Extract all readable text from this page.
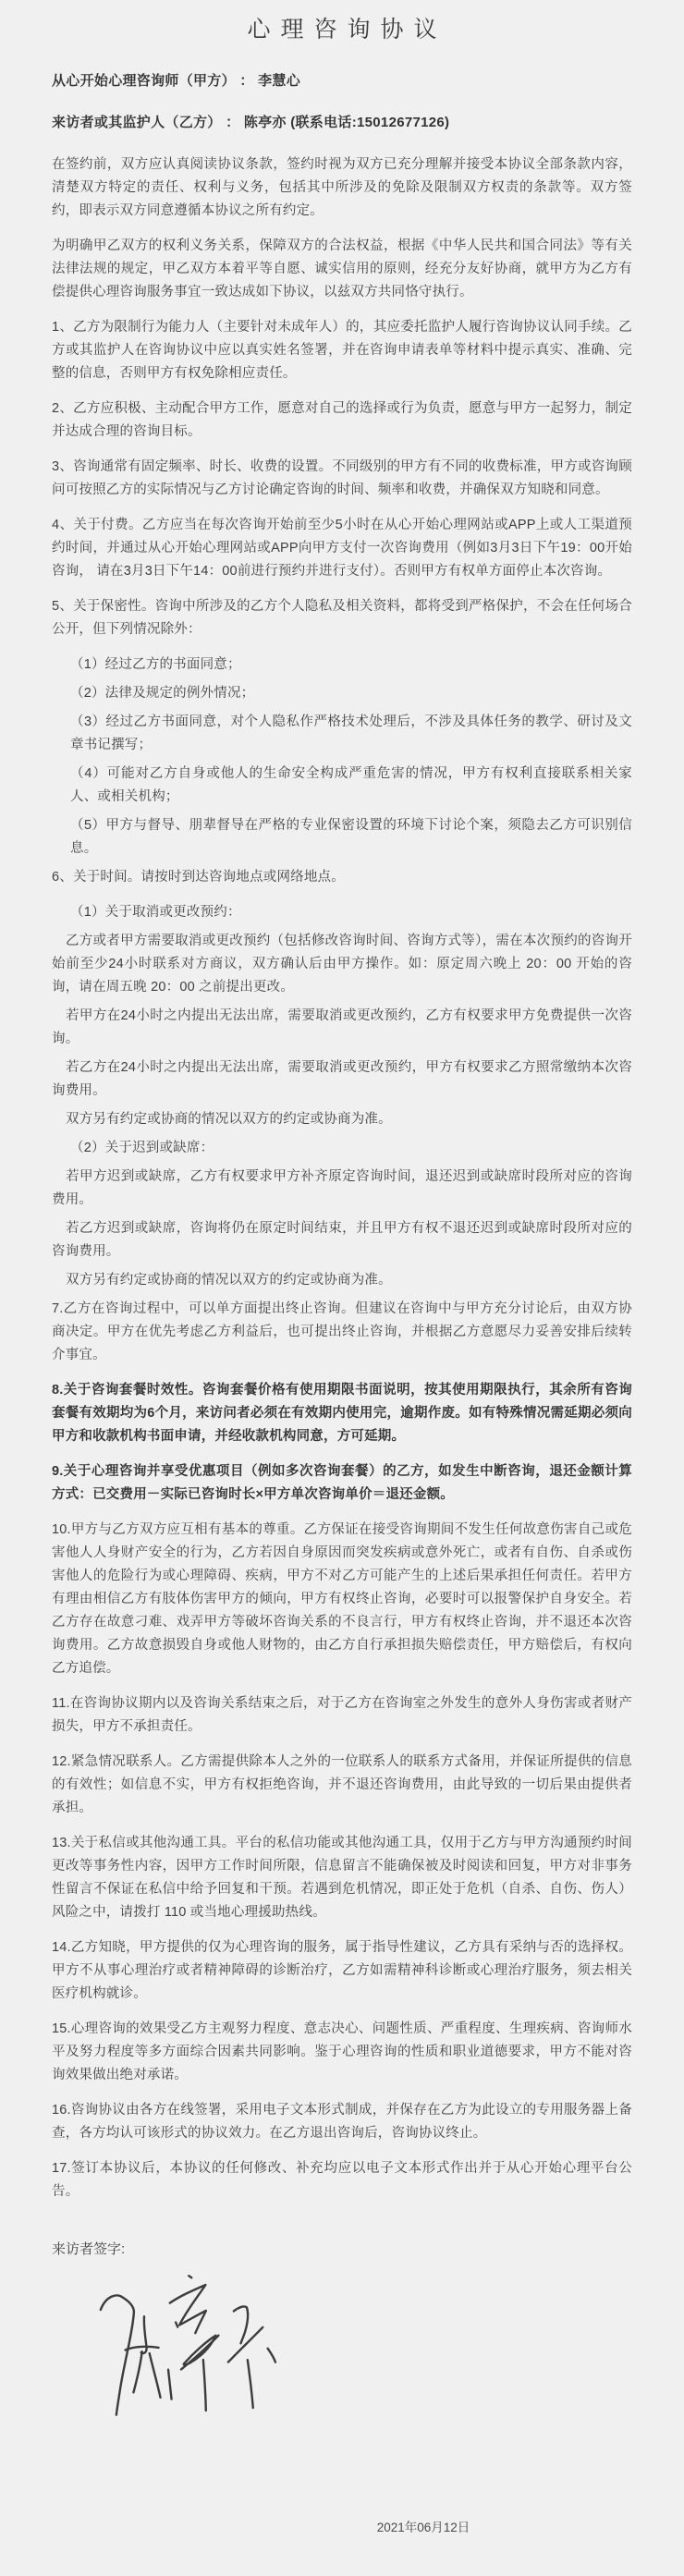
心理咨询协议

从心开始心理咨询师（甲方） ： 李慧心

来访者或其监护人（乙方） ： 陈亭亦 (联系电话:15012677126)

在签约前，双方应认真阅读协议条款，签约时视为双方已充分理解并接受本协议全部条款内容，清楚双方特定的责任、权利与义务，包括其中所涉及的免除及限制双方权责的条款等。双方签约，即表示双方同意遵循本协议之所有约定。

为明确甲乙双方的权利义务关系，保障双方的合法权益，根据《中华人民共和国合同法》等有关法律法规的规定，甲乙双方本着平等自愿、诚实信用的原则，经充分友好协商，就甲方为乙方有偿提供心理咨询服务事宜一致达成如下协议，以兹双方共同恪守执行。

1、乙方为限制行为能力人（主要针对未成年人）的，其应委托监护人履行咨询协议认同手续。乙方或其监护人在咨询协议中应以真实姓名签署，并在咨询申请表单等材料中提示真实、准确、完整的信息，否则甲方有权免除相应责任。

2、乙方应积极、主动配合甲方工作，愿意对自己的选择或行为负责，愿意与甲方一起努力，制定并达成合理的咨询目标。

3、咨询通常有固定频率、时长、收费的设置。不同级别的甲方有不同的收费标准，甲方或咨询顾问可按照乙方的实际情况与乙方讨论确定咨询的时间、频率和收费，并确保双方知晓和同意。

4、关于付费。乙方应当在每次咨询开始前至少5小时在从心开始心理网站或APP上或人工渠道预约时间，并通过从心开始心理网站或APP向甲方支付一次咨询费用（例如3月3日下午19：00开始咨询， 请在3月3日下午14：00前进行预约并进行支付）。否则甲方有权单方面停止本次咨询。

5、关于保密性。咨询中所涉及的乙方个人隐私及相关资料，都将受到严格保护，不会在任何场合公开，但下列情况除外：

（1）经过乙方的书面同意；

（2）法律及规定的例外情况；

（3）经过乙方书面同意，对个人隐私作严格技术处理后，不涉及具体任务的教学、研讨及文章书记撰写；

（4）可能对乙方自身或他人的生命安全构成严重危害的情况，甲方有权利直接联系相关家人、或相关机构；

（5）甲方与督导、朋辈督导在严格的专业保密设置的环境下讨论个案，须隐去乙方可识别信息。

6、关于时间。请按时到达咨询地点或网络地点。

（1）关于取消或更改预约：

乙方或者甲方需要取消或更改预约（包括修改咨询时间、咨询方式等），需在本次预约的咨询开始前至少24小时联系对方商议，双方确认后由甲方操作。如：原定周六晚上 20：00 开始的咨询，请在周五晚 20：00 之前提出更改。

若甲方在24小时之内提出无法出席，需要取消或更改预约，乙方有权要求甲方免费提供一次咨询。

若乙方在24小时之内提出无法出席，需要取消或更改预约，甲方有权要求乙方照常缴纳本次咨询费用。

双方另有约定或协商的情况以双方的约定或协商为准。

（2）关于迟到或缺席：

若甲方迟到或缺席，乙方有权要求甲方补齐原定咨询时间，退还迟到或缺席时段所对应的咨询费用。

若乙方迟到或缺席，咨询将仍在原定时间结束，并且甲方有权不退还迟到或缺席时段所对应的咨询费用。

双方另有约定或协商的情况以双方的约定或协商为准。

7.乙方在咨询过程中，可以单方面提出终止咨询。但建议在咨询中与甲方充分讨论后，由双方协商决定。甲方在优先考虑乙方利益后，也可提出终止咨询，并根据乙方意愿尽力妥善安排后续转介事宜。

8.关于咨询套餐时效性。咨询套餐价格有使用期限书面说明，按其使用期限执行，其余所有咨询套餐有效期均为6个月，来访问者必须在有效期内使用完，逾期作废。如有特殊情况需延期必须向甲方和收款机构书面申请，并经收款机构同意，方可延期。

9.关于心理咨询并享受优惠项目（例如多次咨询套餐）的乙方，如发生中断咨询，退还金额计算方式：已交费用－实际已咨询时长×甲方单次咨询单价＝退还金额。

10.甲方与乙方双方应互相有基本的尊重。乙方保证在接受咨询期间不发生任何故意伤害自己或危害他人人身财产安全的行为，乙方若因自身原因而突发疾病或意外死亡，或者有自伤、自杀或伤害他人的危险行为或心理障碍、疾病，甲方不对乙方可能产生的上述后果承担任何责任。若甲方有理由相信乙方有肢体伤害甲方的倾向，甲方有权终止咨询，必要时可以报警保护自身安全。若乙方存在故意刁难、戏弄甲方等破坏咨询关系的不良言行，甲方有权终止咨询，并不退还本次咨询费用。乙方故意损毁自身或他人财物的，由乙方自行承担损失赔偿责任，甲方赔偿后，有权向乙方追偿。

11.在咨询协议期内以及咨询关系结束之后，对于乙方在咨询室之外发生的意外人身伤害或者财产损失，甲方不承担责任。

12.紧急情况联系人。乙方需提供除本人之外的一位联系人的联系方式备用，并保证所提供的信息的有效性；如信息不实，甲方有权拒绝咨询，并不退还咨询费用，由此导致的一切后果由提供者承担。

13.关于私信或其他沟通工具。平台的私信功能或其他沟通工具，仅用于乙方与甲方沟通预约时间更改等事务性内容，因甲方工作时间所限，信息留言不能确保被及时阅读和回复，甲方对非事务性留言不保证在私信中给予回复和干预。若遇到危机情况，即正处于危机（自杀、自伤、伤人）风险之中，请拨打 110 或当地心理援助热线。

14.乙方知晓，甲方提供的仅为心理咨询的服务，属于指导性建议，乙方具有采纳与否的选择权。甲方不从事心理治疗或者精神障碍的诊断治疗，乙方如需精神科诊断或心理治疗服务，须去相关医疗机构就诊。

15.心理咨询的效果受乙方主观努力程度、意志决心、问题性质、严重程度、生理疾病、咨询师水平及努力程度等多方面综合因素共同影响。鉴于心理咨询的性质和职业道德要求，甲方不能对咨询效果做出绝对承诺。

16.咨询协议由各方在线签署，采用电子文本形式制成，并保存在乙方为此设立的专用服务器上备查，各方均认可该形式的协议效力。在乙方退出咨询后，咨询协议终止。

17.签订本协议后，本协议的任何修改、补充均应以电子文本形式作出并于从心开始心理平台公告。

来访者签字:

2021年06月12日
